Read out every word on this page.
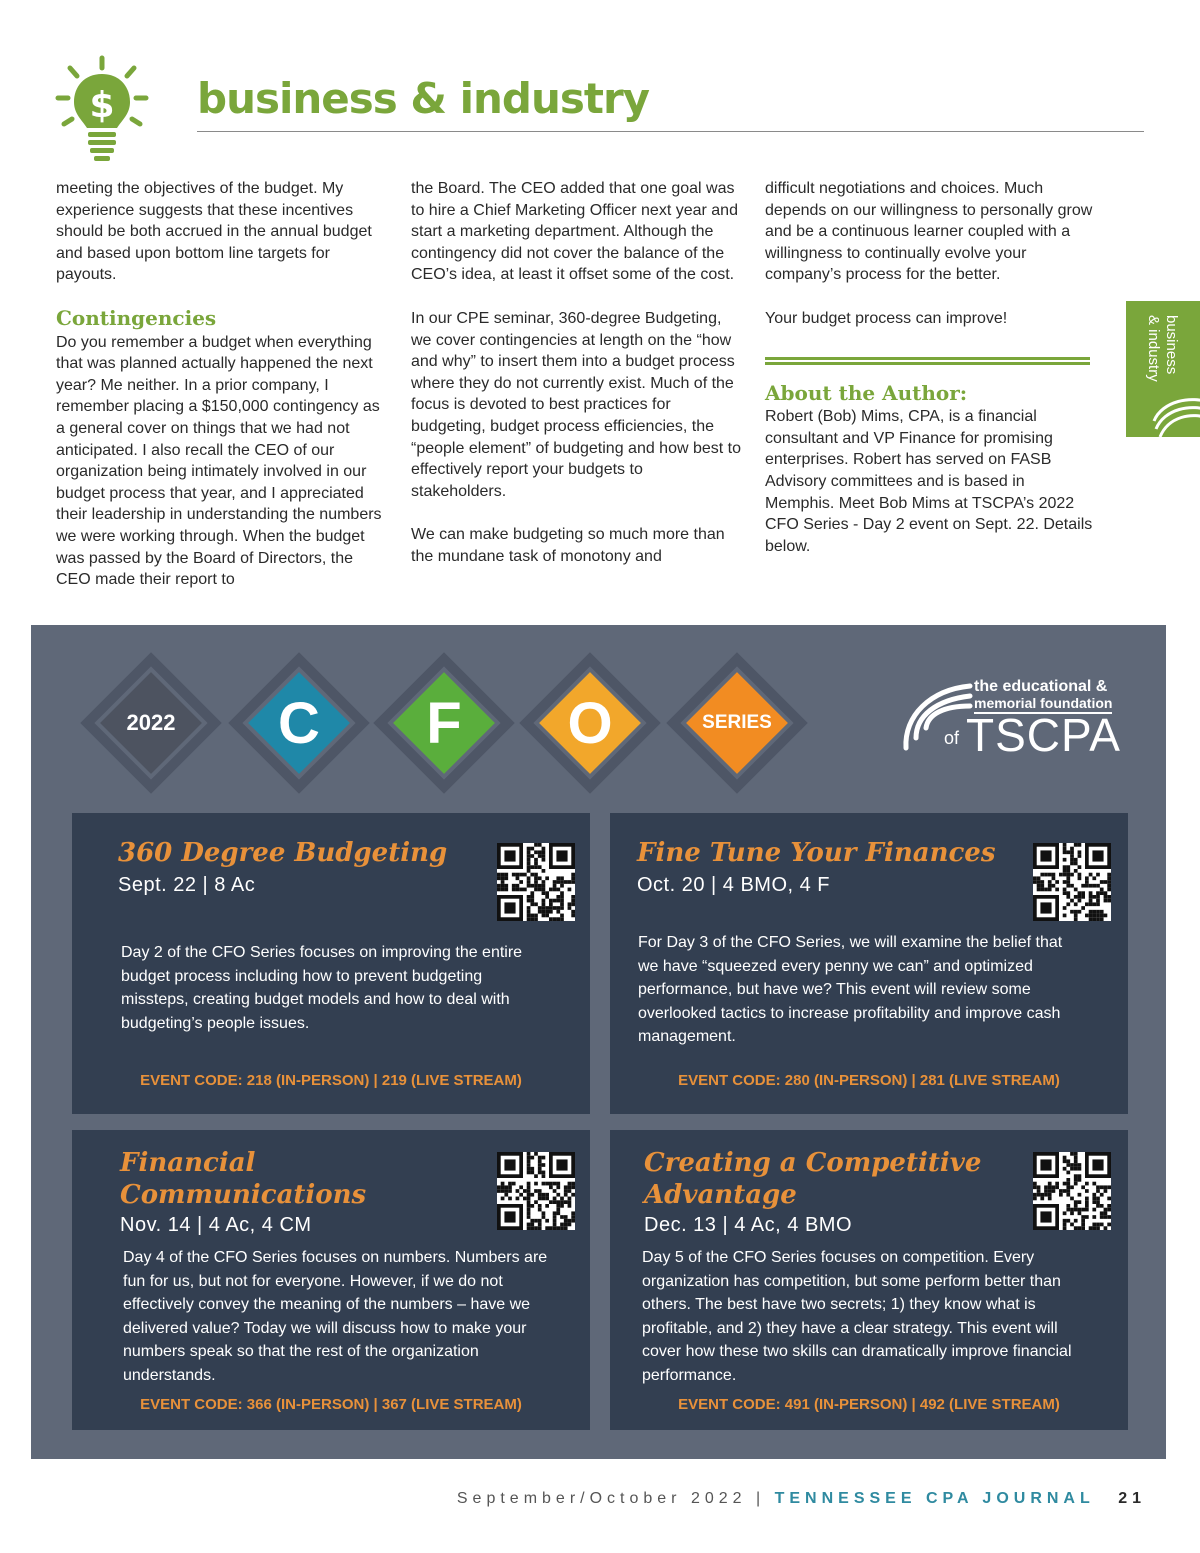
$ business & industry

meeting the objectives of the budget. My experience suggests that these incentives should be both accrued in the annual budget and based upon bottom line targets for payouts.

Contingencies

Do you remember a budget when everything that was planned actually happened the next year? Me neither. In a prior company, I remember placing a $150,000 contingency as a general cover on things that we had not anticipated. I also recall the CEO of our organization being intimately involved in our budget process that year, and I appreciated their leadership in understanding the numbers we were working through. When the budget was passed by the Board of Directors, the CEO made their report to

the Board. The CEO added that one goal was to hire a Chief Marketing Officer next year and start a marketing department. Although the contingency did not cover the balance of the CEO’s idea, at least it offset some of the cost.

In our CPE seminar, 360-degree Budgeting, we cover contingencies at length on the “how and why” to insert them into a budget process where they do not currently exist. Much of the focus is devoted to best practices for budgeting, budget process efficiencies, the “people element” of budgeting and how best to effectively report your budgets to stakeholders.

We can make budgeting so much more than the mundane task of monotony and

difficult negotiations and choices. Much depends on our willingness to personally grow and be a continuous learner coupled with a willingness to continually evolve your company’s process for the better.

Your budget process can improve!

About the Author:

Robert (Bob) Mims, CPA, is a financial consultant and VP Finance for promising enterprises. Robert has served on FASB Advisory committees and is based in Memphis. Meet Bob Mims at TSCPA’s 2022 CFO Series - Day 2 event on Sept. 22. Details below.

business
& industry
2022	C	F	O	SERIES
the educational &
memorial foundation
of TSCPA
360 Degree Budgeting
Sept. 22 | 8 Ac
Day 2 of the CFO Series focuses on improving the entire budget process including how to prevent budgeting missteps, creating budget models and how to deal with budgeting’s people issues.
EVENT CODE: 218 (IN-PERSON) | 219 (LIVE STREAM)
Fine Tune Your Finances
Oct. 20 | 4 BMO, 4 F
For Day 3 of the CFO Series, we will examine the belief that we have “squeezed every penny we can” and optimized performance, but have we? This event will review some overlooked tactics to increase profitability and improve cash management.
EVENT CODE: 280 (IN-PERSON) | 281 (LIVE STREAM)
Financial Communications
Nov. 14 | 4 Ac, 4 CM
Day 4 of the CFO Series focuses on numbers. Numbers are fun for us, but not for everyone. However, if we do not effectively convey the meaning of the numbers – have we delivered value? Today we will discuss how to make your numbers speak so that the rest of the organization understands.
EVENT CODE: 366 (IN-PERSON) | 367 (LIVE STREAM)
Creating a Competitive Advantage
Dec. 13 | 4 Ac, 4 BMO
Day 5 of the CFO Series focuses on competition. Every organization has competition, but some perform better than others. The best have two secrets; 1) they know what is profitable, and 2) they have a clear strategy. This event will cover how these two skills can dramatically improve financial performance.
EVENT CODE: 491 (IN-PERSON) | 492 (LIVE STREAM)
September/October 2022 | TENNESSEE CPA JOURNAL 21
